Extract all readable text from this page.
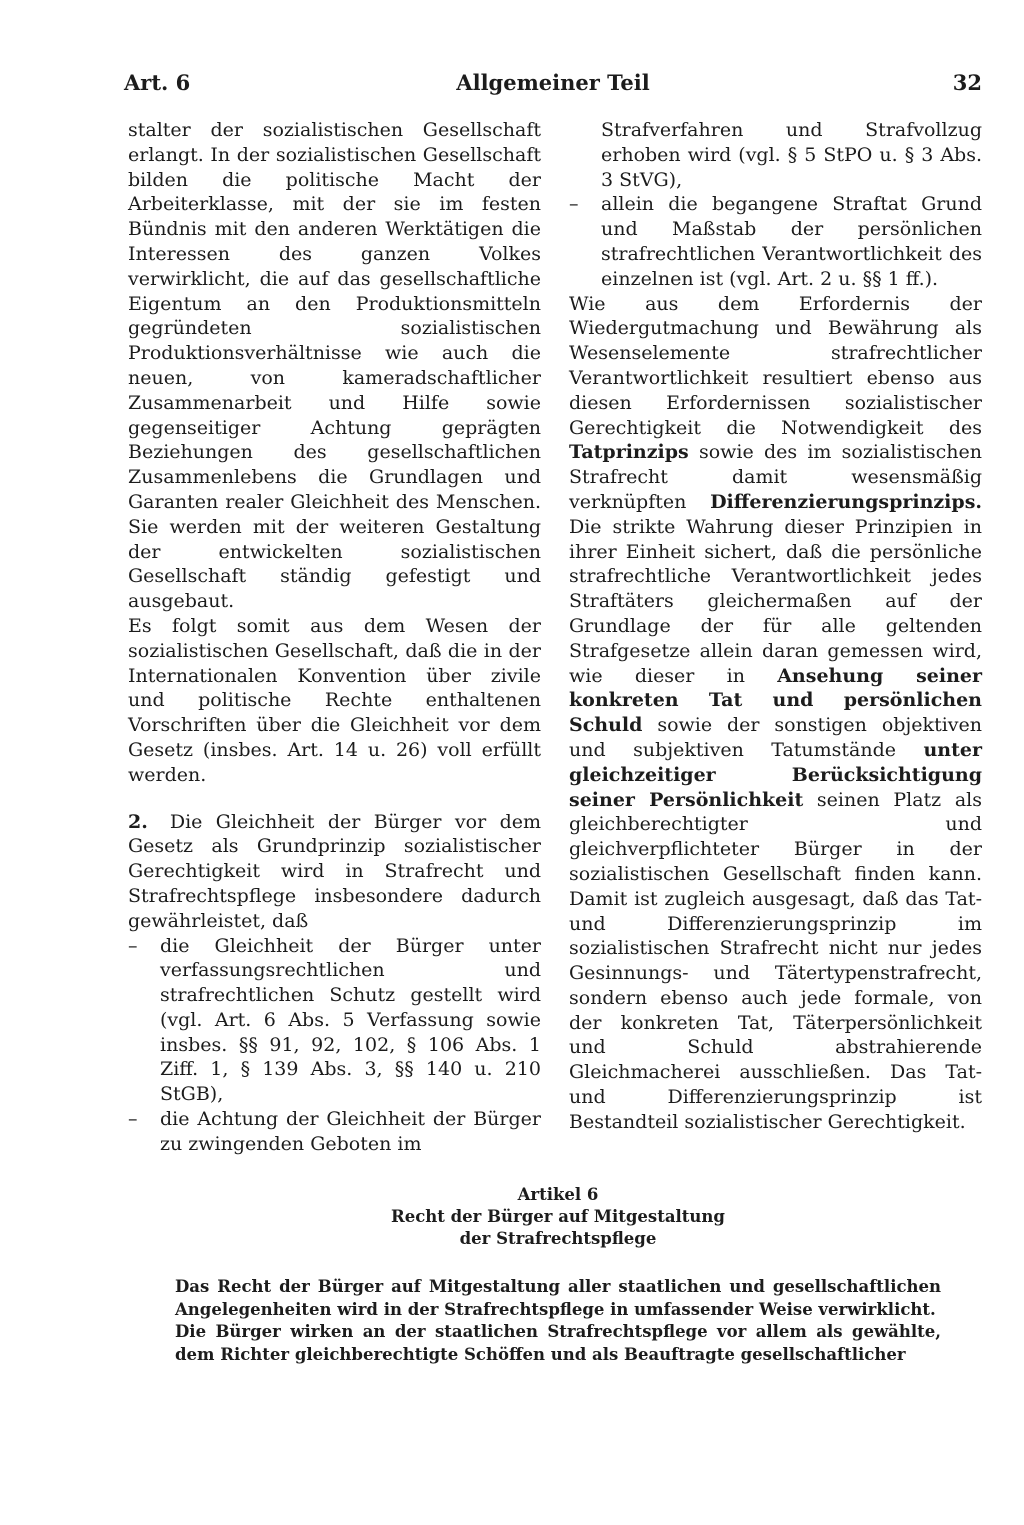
Art. 6	Allgemeiner Teil	32

stalter der sozialistischen Gesellschaft erlangt. In der sozialistischen Gesellschaft bilden die politische Macht der Arbeiterklasse, mit der sie im festen Bündnis mit den anderen Werktätigen die Interessen des ganzen Volkes verwirklicht, die auf das gesellschaftliche Eigentum an den Produktionsmitteln gegründeten sozialistischen Produktionsverhältnisse wie auch die neuen, von kameradschaftlicher Zusammenarbeit und Hilfe sowie gegenseitiger Achtung geprägten Beziehungen des gesellschaftlichen Zusammenlebens die Grundlagen und Garanten realer Gleichheit des Menschen. Sie werden mit der weiteren Gestaltung der entwickelten sozialistischen Gesellschaft ständig gefestigt und ausgebaut.

Es folgt somit aus dem Wesen der sozialistischen Gesellschaft, daß die in der Internationalen Konvention über zivile und politische Rechte enthaltenen Vorschriften über die Gleichheit vor dem Gesetz (insbes. Art. 14 u. 26) voll erfüllt werden.

2. Die Gleichheit der Bürger vor dem Gesetz als Grundprinzip sozialistischer Gerechtigkeit wird in Strafrecht und Strafrechtspflege insbesondere dadurch gewährleistet, daß

– die Gleichheit der Bürger unter verfassungsrechtlichen und strafrechtlichen Schutz gestellt wird (vgl. Art. 6 Abs. 5 Verfassung sowie insbes. §§ 91, 92, 102, § 106 Abs. 1 Ziff. 1, § 139 Abs. 3, §§ 140 u. 210 StGB),

– die Achtung der Gleichheit der Bürger zu zwingenden Geboten im

Strafverfahren und Strafvollzug erhoben wird (vgl. § 5 StPO u. § 3 Abs. 3 StVG),

– allein die begangene Straftat Grund und Maßstab der persönlichen strafrechtlichen Verantwortlichkeit des einzelnen ist (vgl. Art. 2 u. §§ 1 ff.).

Wie aus dem Erfordernis der Wiedergutmachung und Bewährung als Wesenselemente strafrechtlicher Verantwortlichkeit resultiert ebenso aus diesen Erfordernissen sozialistischer Gerechtigkeit die Notwendigkeit des Tatprinzips sowie des im sozialistischen Strafrecht damit wesensmäßig verknüpften Differenzierungsprinzips. Die strikte Wahrung dieser Prinzipien in ihrer Einheit sichert, daß die persönliche strafrechtliche Verantwortlichkeit jedes Straftäters gleichermaßen auf der Grundlage der für alle geltenden Strafgesetze allein daran gemessen wird, wie dieser in Ansehung seiner konkreten Tat und persönlichen Schuld sowie der sonstigen objektiven und subjektiven Tatumstände unter gleichzeitiger Berücksichtigung seiner Persönlichkeit seinen Platz als gleichberechtigter und gleichverpflichteter Bürger in der sozialistischen Gesellschaft finden kann. Damit ist zugleich ausgesagt, daß das Tat- und Differenzierungsprinzip im sozialistischen Strafrecht nicht nur jedes Gesinnungs- und Tätertypenstrafrecht, sondern ebenso auch jede formale, von der konkreten Tat, Täterpersönlichkeit und Schuld abstrahierende Gleichmacherei ausschließen. Das Tat- und Differenzierungsprinzip ist Bestandteil sozialistischer Gerechtigkeit.

Artikel 6
Recht der Bürger auf Mitgestaltung
der Strafrechtspflege

Das Recht der Bürger auf Mitgestaltung aller staatlichen und gesellschaftlichen Angelegenheiten wird in der Strafrechtspflege in umfassender Weise verwirklicht.

Die Bürger wirken an der staatlichen Strafrechtspflege vor allem als gewählte, dem Richter gleichberechtigte Schöffen und als Beauftragte gesellschaftlicher
